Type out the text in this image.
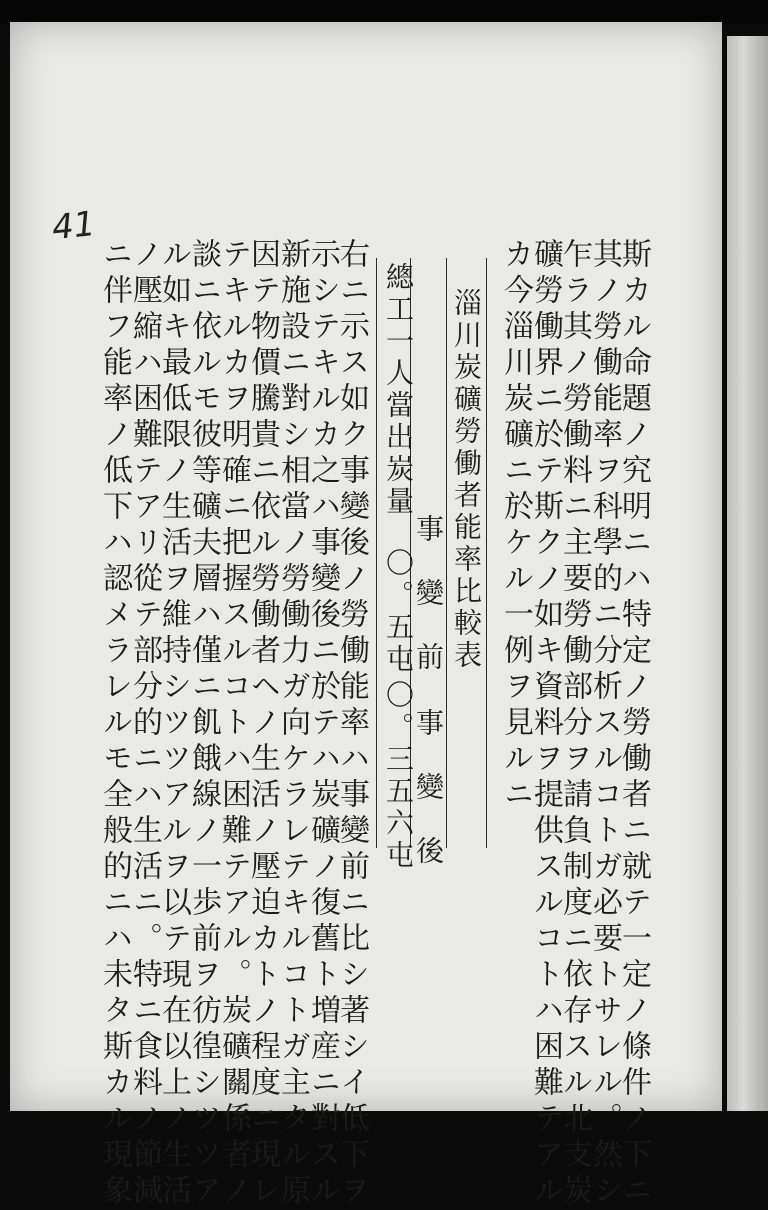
41
斯カル命題ノ究明ニハ特定ノ勞働者ニ就テ一定ノ條件ノ下ニ
其ノ勞働能率ヲ科學的ニ分析スルコトガ必要トサレル。然シ
乍ラ其ノ勞働料ニ主要勞働部分ヲ請負制度ニ依存スル北支炭
礦勞働界ニ於テ斯クノ如キ資料ヲ提供スルコトハ困難テアル
カ今淄川炭礦ニ於ケル一例ヲ見ルニ
淄川炭礦勞働者能率比較表
事　變　前
事　變　後
總工一人當出炭量
〇。五屯
〇。三五六屯
右ニ示ス如ク事變後ノ勞働能率ハ事變前ニ比シ著シイ低下ヲ
示シテキルカ之ハ事變後ニ於テハ炭礦ノ復舊ト増産ニ對スル
新施設ニ對シ相當ノ勞働力ガ向ケラレテキルコトガ主タル原
因テ物價騰貴ニ依ル勞働者ヘノ生活ノ壓迫カトノ程度ニ現レ
テキルカヲ明確ニ把握スルコトハ困難テアル。炭礦關係者ノ
談ニ依ルモ彼等礦夫層ハ僅ニ飢餓線ノ一歩前ヲ彷徨シツツア
ル如キ最低限ノ生活ヲ維持シツツアルヲ以テ現在以上ノ生活
ノ壓縮ハ困難テアリ從テ部分的ニハ生活ニ。特ニ食料ノ節減
ニ伴フ能率ノ低下ハ認メラレルモ全般的ニハ未タ斯カル現象
